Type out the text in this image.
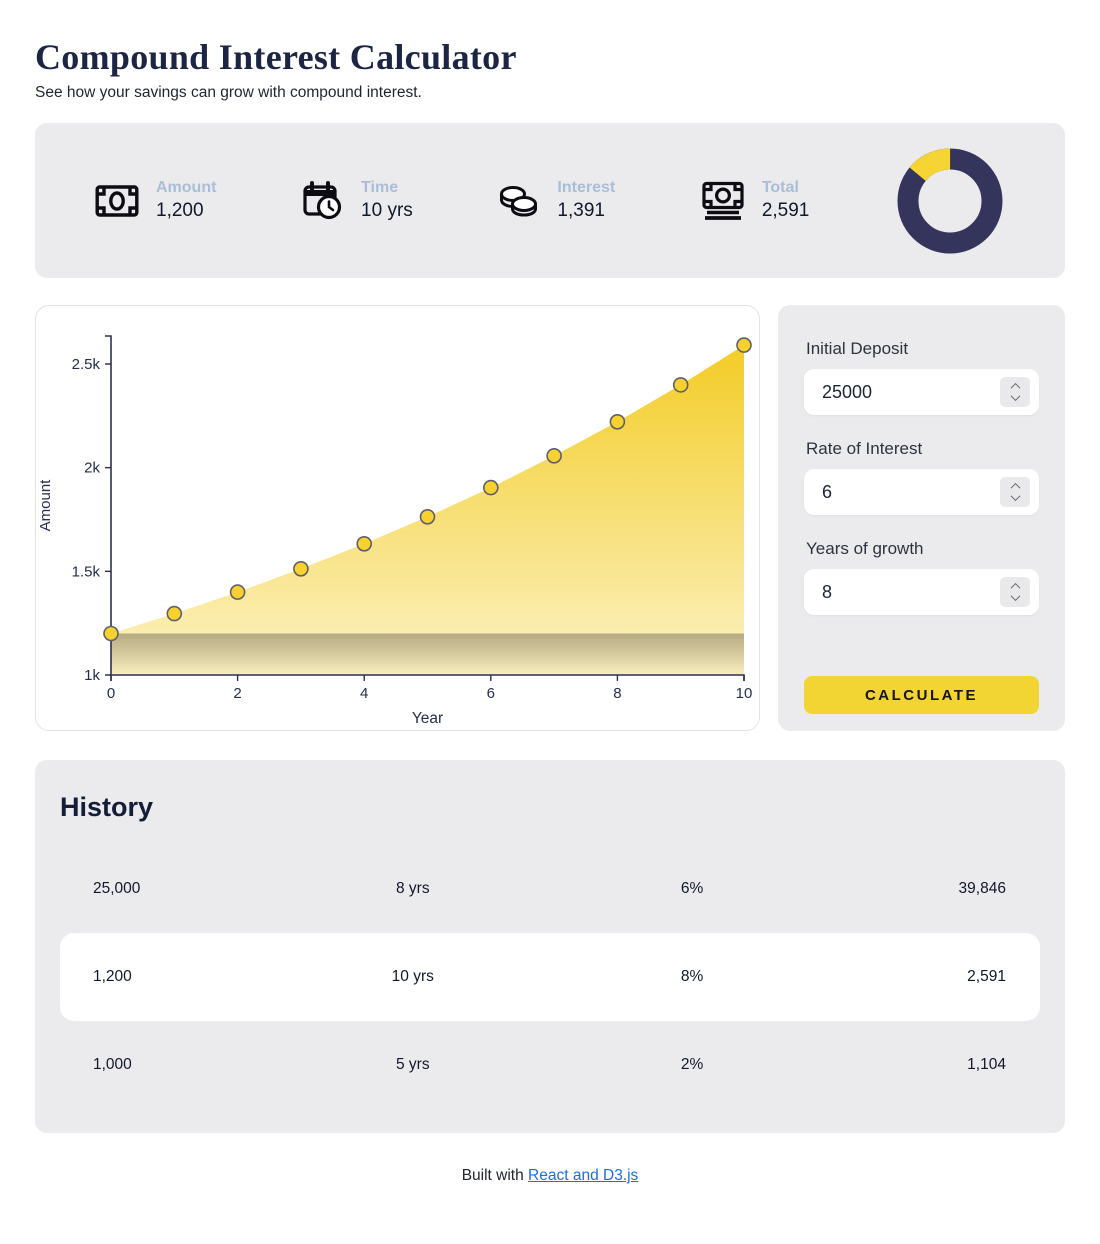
Compound Interest Calculator
See how your savings can grow with compound interest.
Amount
1,200
Time
10 yrs
Interest
1,391
Total
2,591
1k
1.5k
2k
2.5k
0	2	4	6	8	10
Amount
Year
Initial Deposit
25000
Rate of Interest
6
Years of growth
8
CALCULATE
History
25,000	8 yrs	6%	39,846
1,200	10 yrs	8%	2,591
1,000	5 yrs	2%	1,104
Built with React and D3.js
